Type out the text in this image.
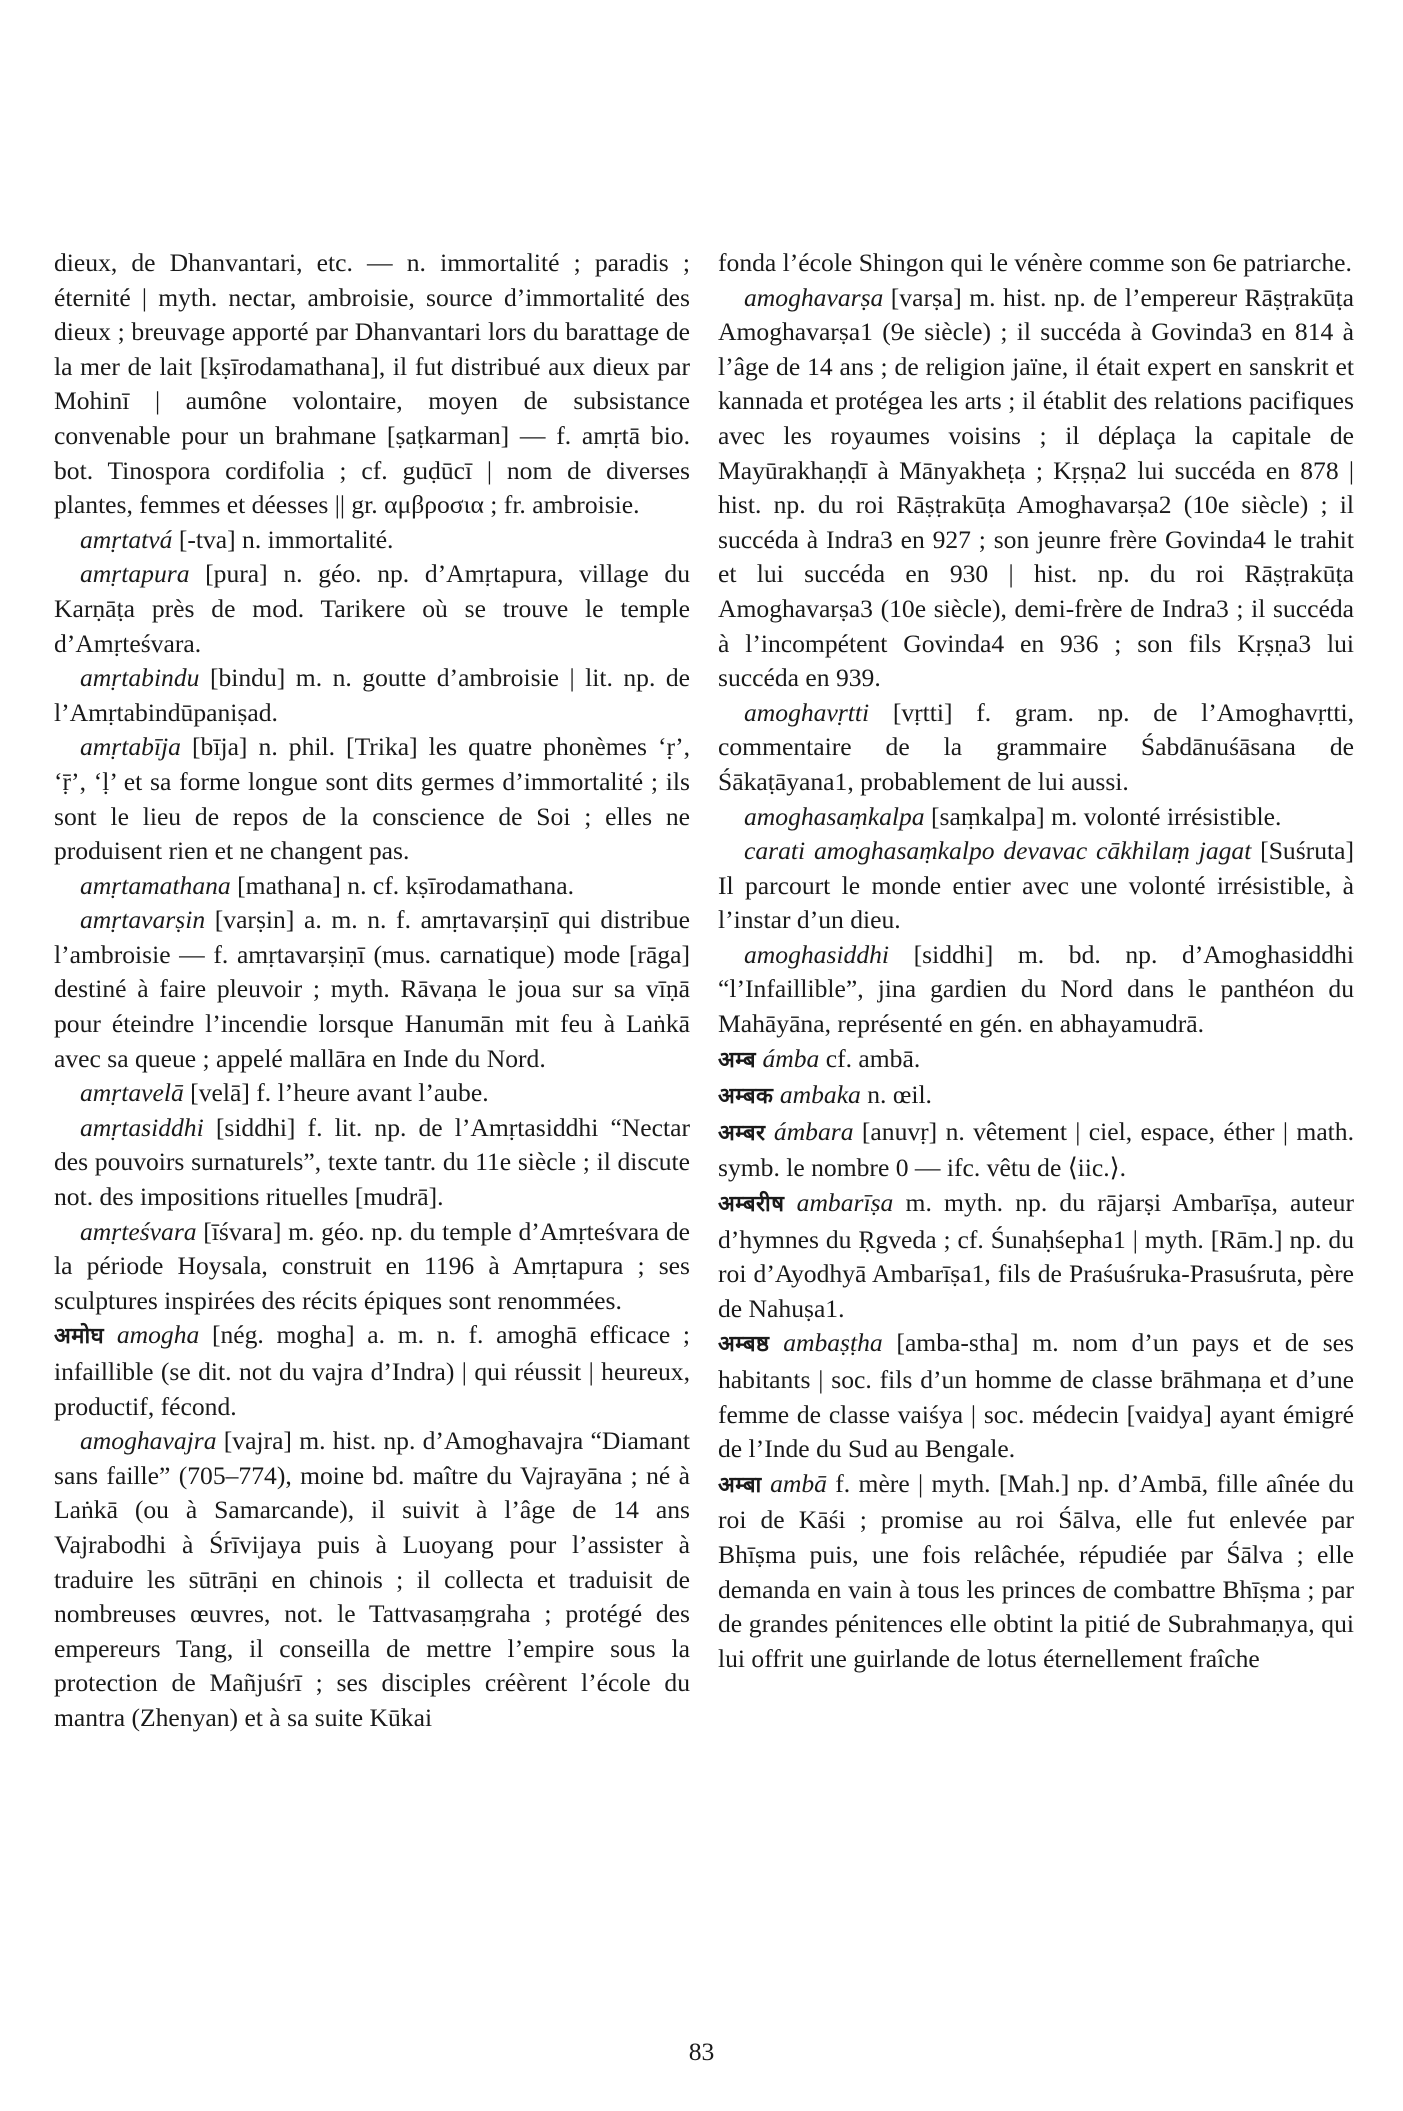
dieux, de Dhanvantari, etc. — n. immortalité ; paradis ; éternité | myth. nectar, ambroisie, source d’immortalité des dieux ; breuvage apporté par Dhanvantari lors du barattage de la mer de lait [kṣīrodamathana], il fut distribué aux dieux par Mohinī | aumône volontaire, moyen de subsistance convenable pour un brahmane [ṣaṭkarman] — f. amṛtā bio. bot. Tinospora cordifolia ; cf. guḍūcī | nom de diverses plantes, femmes et déesses || gr. αμβροσια ; fr. ambroisie.

amṛtatvá [-tva] n. immortalité.

amṛtapura [pura] n. géo. np. d’Amṛtapura, village du Karṇāṭa près de mod. Tarikere où se trouve le temple d’Amṛteśvara.

amṛtabindu [bindu] m. n. goutte d’ambroisie | lit. np. de l’Amṛtabindūpaniṣad.

amṛtabīja [bīja] n. phil. [Trika] les quatre phonèmes ‘ṛ’, ‘ṝ’, ‘ḷ’ et sa forme longue sont dits germes d’immortalité ; ils sont le lieu de repos de la conscience de Soi ; elles ne produisent rien et ne changent pas.

amṛtamathana [mathana] n. cf. kṣīrodamathana.

amṛtavarṣin [varṣin] a. m. n. f. amṛtavarṣiṇī qui distribue l’ambroisie — f. amṛtavarṣiṇī (mus. carnatique) mode [rāga] destiné à faire pleuvoir ; myth. Rāvaṇa le joua sur sa vīṇā pour éteindre l’incendie lorsque Hanumān mit feu à Laṅkā avec sa queue ; appelé mallāra en Inde du Nord.

amṛtavelā [velā] f. l’heure avant l’aube.

amṛtasiddhi [siddhi] f. lit. np. de l’Amṛtasiddhi “Nectar des pouvoirs surnaturels”, texte tantr. du 11e siècle ; il discute not. des impositions rituelles [mudrā].

amṛteśvara [īśvara] m. géo. np. du temple d’Amṛteśvara de la période Hoysala, construit en 1196 à Amṛtapura ; ses sculptures inspirées des récits épiques sont renommées.

अमोघ amogha [nég. mogha] a. m. n. f. amoghā efficace ; infaillible (se dit. not du vajra d’Indra) | qui réussit | heureux, productif, fécond.

amoghavajra [vajra] m. hist. np. d’Amoghavajra “Diamant sans faille” (705–774), moine bd. maître du Vajrayāna ; né à Laṅkā (ou à Samarcande), il suivit à l’âge de 14 ans Vajrabodhi à Śrīvijaya puis à Luoyang pour l’assister à traduire les sūtrāṇi en chinois ; il collecta et traduisit de nombreuses œuvres, not. le Tattvasaṃgraha ; protégé des empereurs Tang, il conseilla de mettre l’empire sous la protection de Mañjuśrī ; ses disciples créèrent l’école du mantra (Zhenyan) et à sa suite Kūkai

fonda l’école Shingon qui le vénère comme son 6e patriarche.

amoghavarṣa [varṣa] m. hist. np. de l’empereur Rāṣṭrakūṭa Amoghavarṣa1 (9e siècle) ; il succéda à Govinda3 en 814 à l’âge de 14 ans ; de religion jaïne, il était expert en sanskrit et kannada et protégea les arts ; il établit des relations pacifiques avec les royaumes voisins ; il déplaça la capitale de Mayūrakhaṇḍī à Mānyakheṭa ; Kṛṣṇa2 lui succéda en 878 | hist. np. du roi Rāṣṭrakūṭa Amoghavarṣa2 (10e siècle) ; il succéda à Indra3 en 927 ; son jeunre frère Govinda4 le trahit et lui succéda en 930 | hist. np. du roi Rāṣṭrakūṭa Amoghavarṣa3 (10e siècle), demi-frère de Indra3 ; il succéda à l’incompétent Govinda4 en 936 ; son fils Kṛṣṇa3 lui succéda en 939.

amoghavṛtti [vṛtti] f. gram. np. de l’Amoghavṛtti, commentaire de la grammaire Śabdānuśāsana de Śākaṭāyana1, probablement de lui aussi.

amoghasaṃkalpa [saṃkalpa] m. volonté irrésistible.

carati amoghasaṃkalpo devavac cākhilaṃ jagat [Suśruta] Il parcourt le monde entier avec une volonté irrésistible, à l’instar d’un dieu.

amoghasiddhi [siddhi] m. bd. np. d’Amoghasiddhi “l’Infaillible”, jina gardien du Nord dans le panthéon du Mahāyāna, représenté en gén. en abhayamudrā.

अम्ब ámba cf. ambā.

अम्बक ambaka n. œil.

अम्बर ámbara [anuvṛ] n. vêtement | ciel, espace, éther | math. symb. le nombre 0 — ifc. vêtu de ⟨iic.⟩.

अम्बरीष ambarīṣa m. myth. np. du rājarṣi Ambarīṣa, auteur d’hymnes du Ṛgveda ; cf. Śunaḥśepha1 | myth. [Rām.] np. du roi d’Ayodhyā Ambarīṣa1, fils de Praśuśruka-Prasuśruta, père de Nahuṣa1.

अम्बष्ठ ambaṣṭha [amba-stha] m. nom d’un pays et de ses habitants | soc. fils d’un homme de classe brāhmaṇa et d’une femme de classe vaiśya | soc. médecin [vaidya] ayant émigré de l’Inde du Sud au Bengale.

अम्बा ambā f. mère | myth. [Mah.] np. d’Ambā, fille aînée du roi de Kāśi ; promise au roi Śālva, elle fut enlevée par Bhīṣma puis, une fois relâchée, répudiée par Śālva ; elle demanda en vain à tous les princes de combattre Bhīṣma ; par de grandes pénitences elle obtint la pitié de Subrahmaṇya, qui lui offrit une guirlande de lotus éternellement fraîche

83
